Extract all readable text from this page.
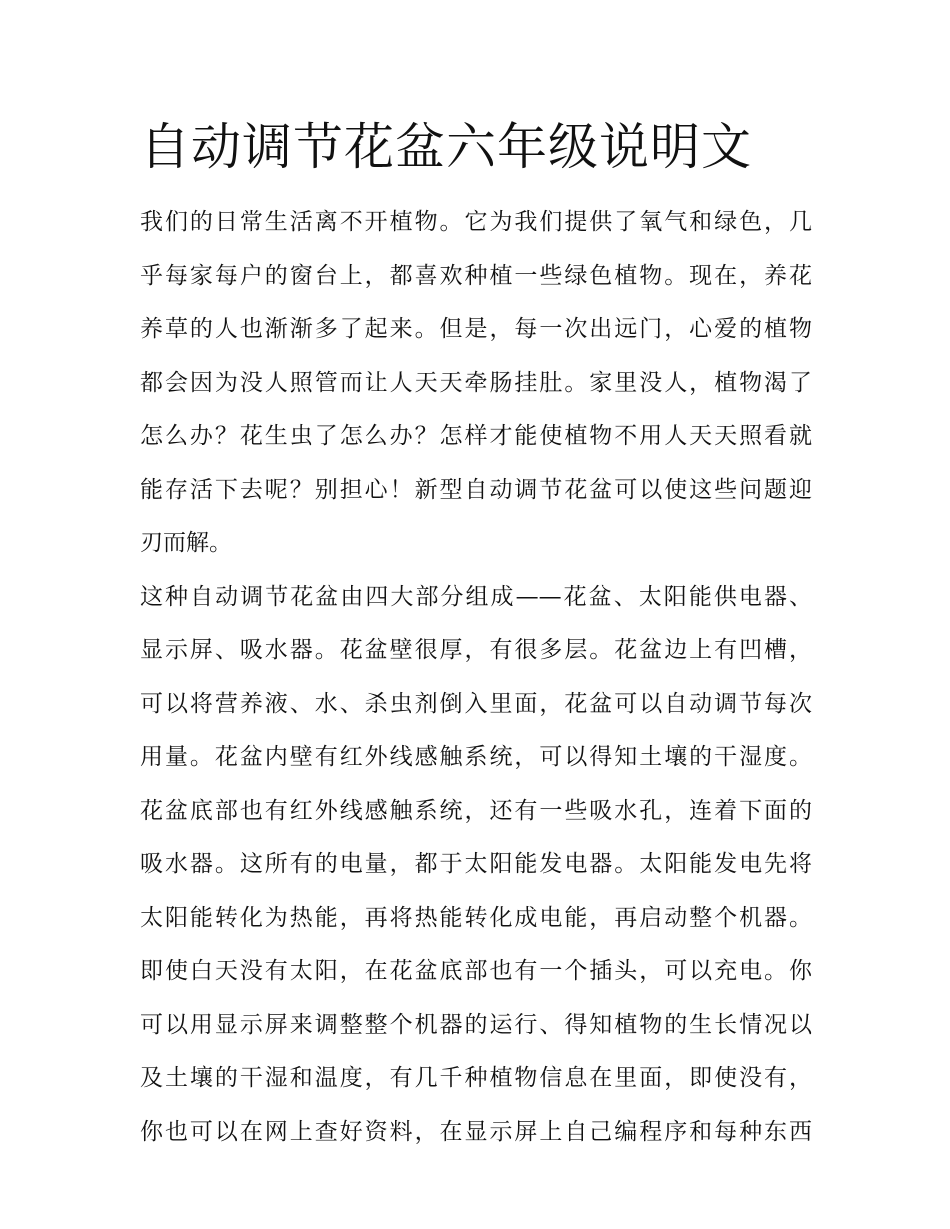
自动调节花盆六年级说明文

我们的日常生活离不开植物。它为我们提供了氧气和绿色，几
乎每家每户的窗台上，都喜欢种植一些绿色植物。现在，养花
养草的人也渐渐多了起来。但是，每一次出远门，心爱的植物
都会因为没人照管而让人天天牵肠挂肚。家里没人，植物渴了
怎么办？花生虫了怎么办？怎样才能使植物不用人天天照看就
能存活下去呢？别担心！新型自动调节花盆可以使这些问题迎
刃而解。

这种自动调节花盆由四大部分组成——花盆、太阳能供电器、
显示屏、吸水器。花盆壁很厚，有很多层。花盆边上有凹槽，
可以将营养液、水、杀虫剂倒入里面，花盆可以自动调节每次
用量。花盆内壁有红外线感触系统，可以得知土壤的干湿度。
花盆底部也有红外线感触系统，还有一些吸水孔，连着下面的
吸水器。这所有的电量，都于太阳能发电器。太阳能发电先将
太阳能转化为热能，再将热能转化成电能，再启动整个机器。
即使白天没有太阳，在花盆底部也有一个插头，可以充电。你
可以用显示屏来调整整个机器的运行、得知植物的生长情况以
及土壤的干湿和温度，有几千种植物信息在里面，即使没有，
你也可以在网上查好资料，在显示屏上自己编程序和每种东西
